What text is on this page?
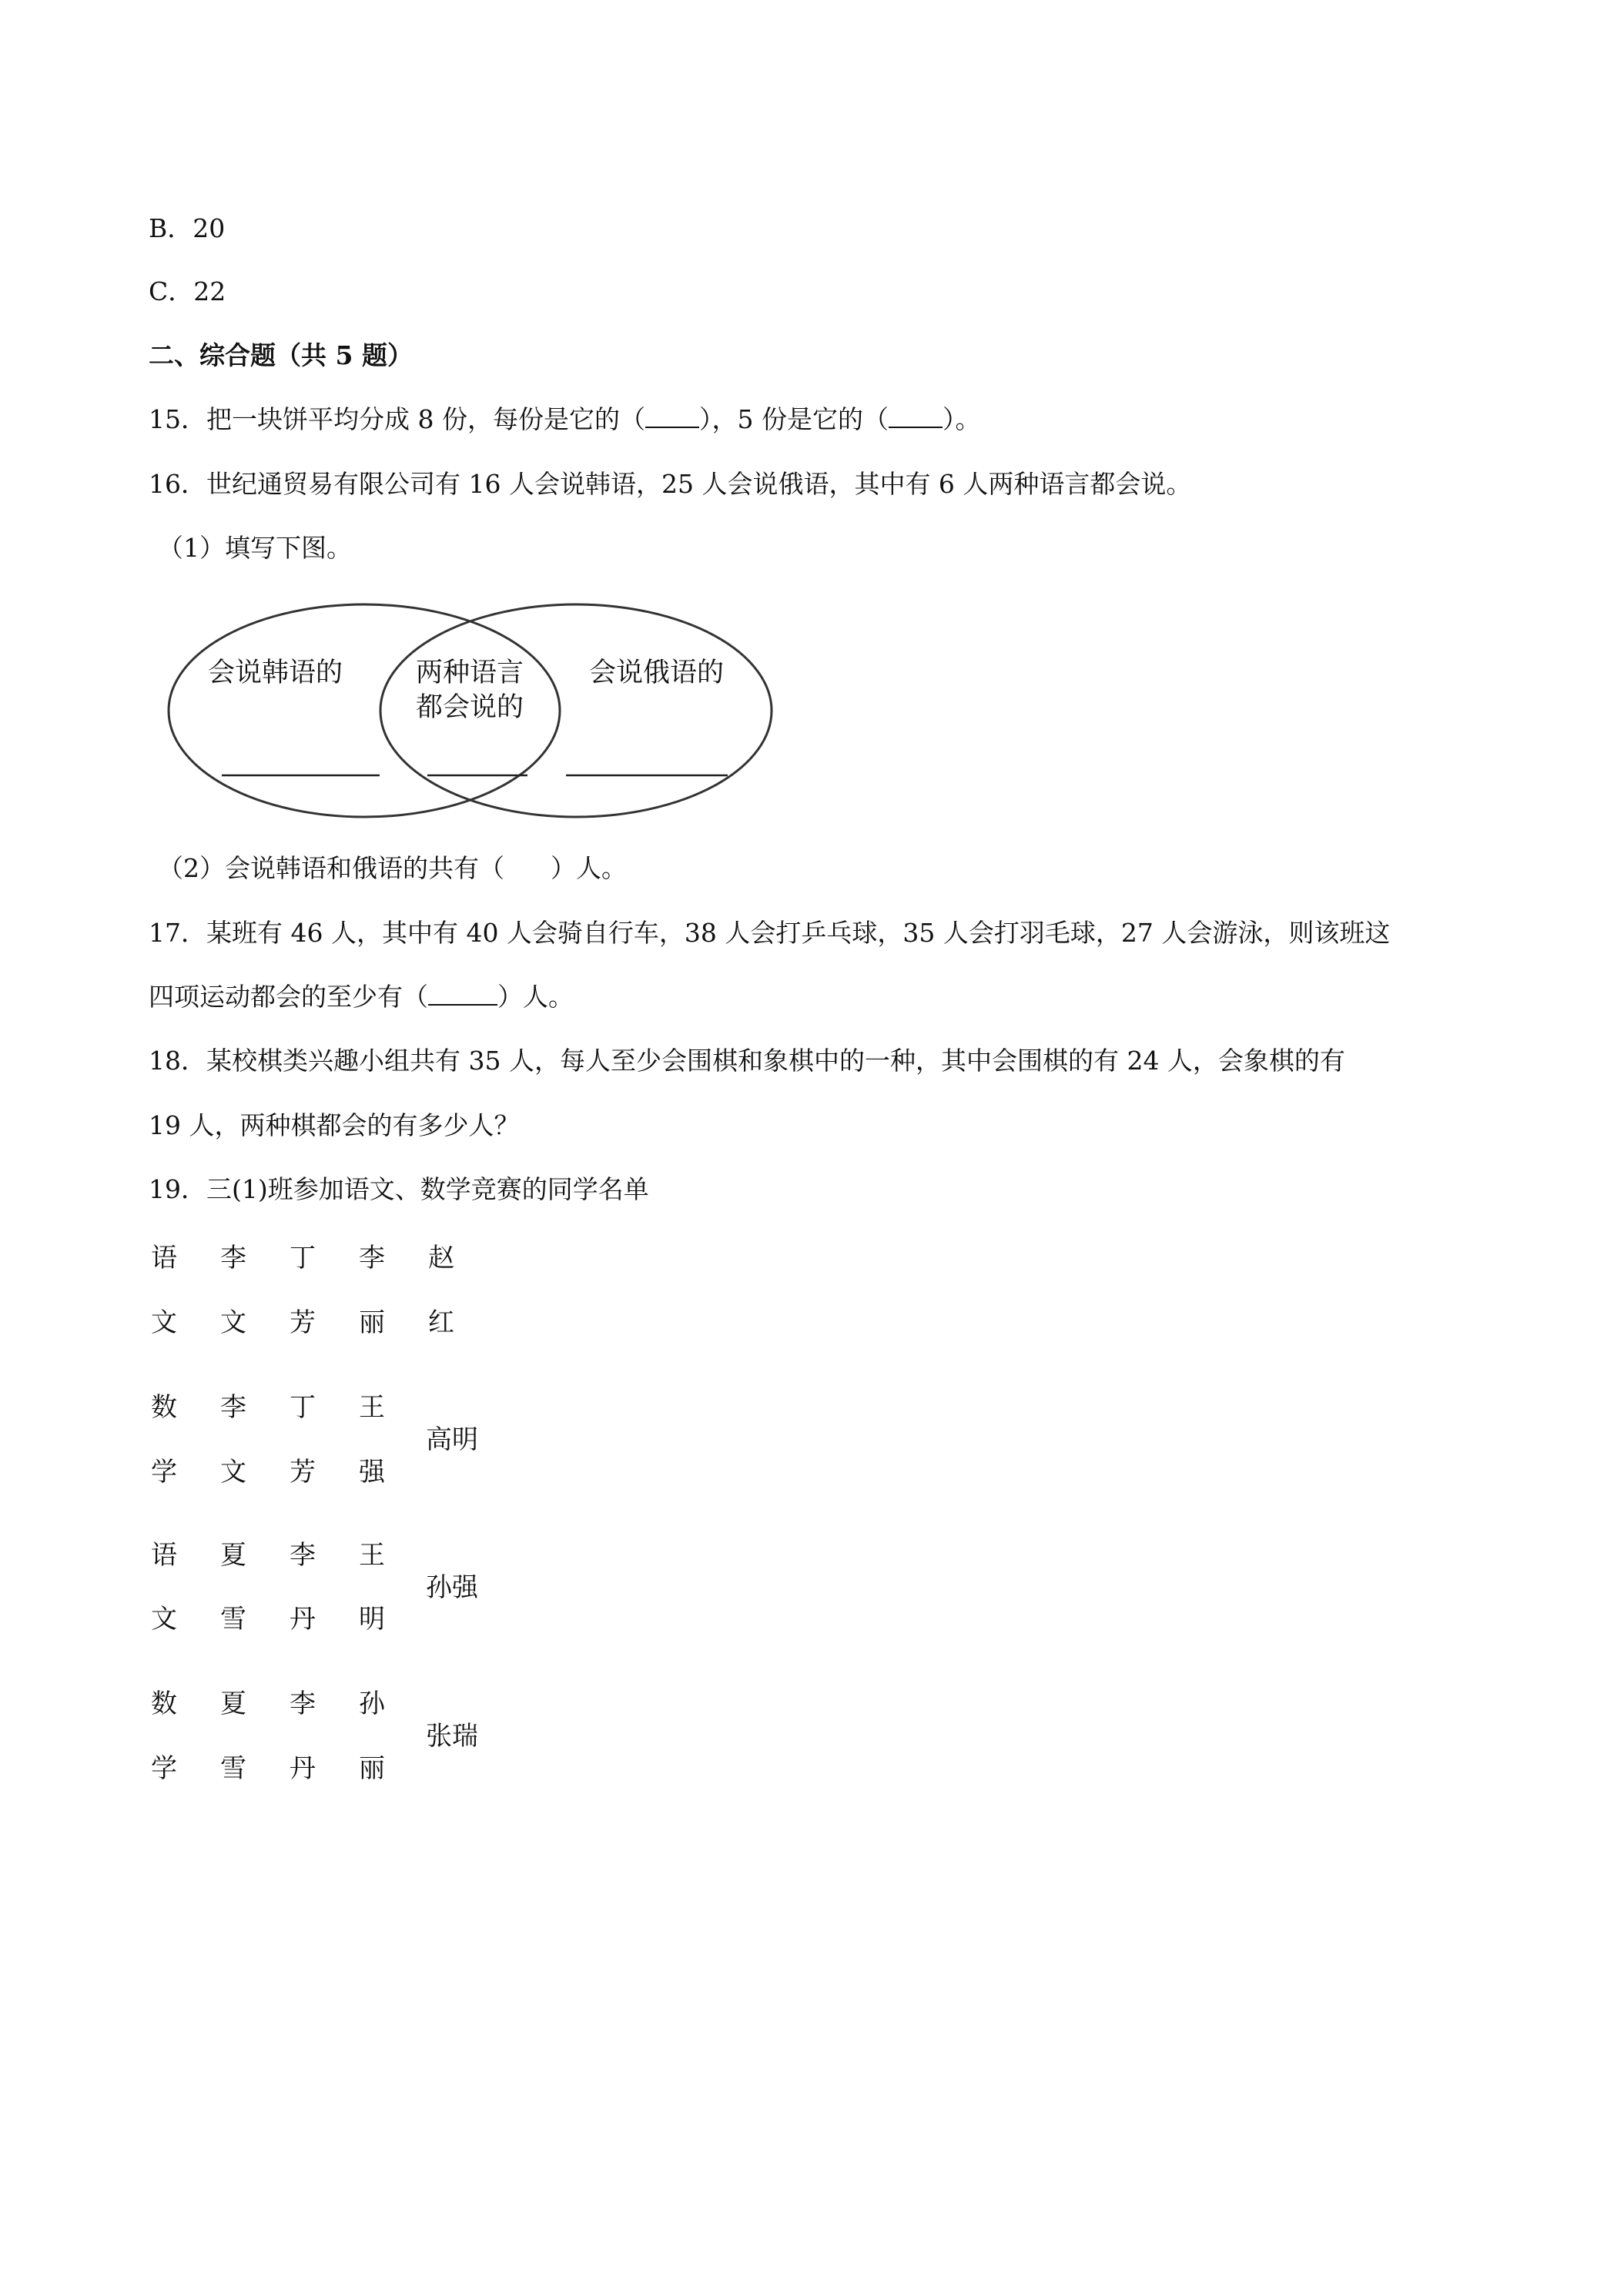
B．20
C．22
二、综合题（共 5 题）
15．把一块饼平均分成 8 份，每份是它的（ ），5 份是它的（ ）。
16．世纪通贸易有限公司有 16 人会说韩语，25 人会说俄语，其中有 6 人两种语言都会说。
（1）填写下图。
会说韩语的	两种语言
都会说的
会说俄语的
（2）会说韩语和俄语的共有（ ）人。
17．某班有 46 人，其中有 40 人会骑自行车，38 人会打乒乓球，35 人会打羽毛球，27 人会游泳，则该班这
四项运动都会的至少有（	）人。
18．某校棋类兴趣小组共有 35 人，每人至少会围棋和象棋中的一种，其中会围棋的有 24 人，会象棋的有
19 人，两种棋都会的有多少人？
19．三(1)班参加语文、数学竞赛的同学名单
语 李 丁 李 赵
文 文 芳 丽 红
数 李 丁 王
学 文 芳 强
高明
语 夏 李 王
文 雪 丹 明
孙强
数 夏 李 孙
学 雪 丹 丽
张瑞
